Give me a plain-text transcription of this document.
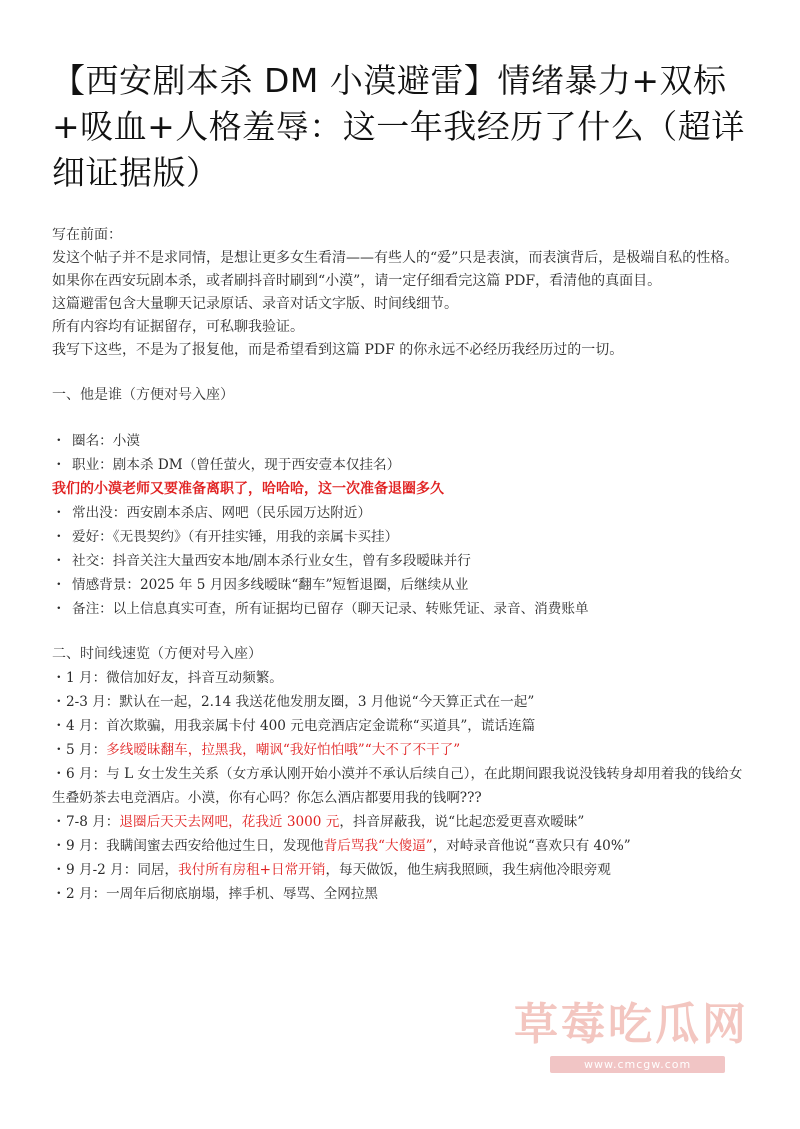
【西安剧本杀 DM 小漠避雷】情绪暴力+双标+吸血+人格羞辱：这一年我经历了什么（超详细证据版）

写在前面：

发这个帖子并不是求同情，是想让更多女生看清——有些人的“爱”只是表演，而表演背后，是极端自私的性格。

如果你在西安玩剧本杀，或者刷抖音时刷到“小漠”，请一定仔细看完这篇 PDF，看清他的真面目。

这篇避雷包含大量聊天记录原话、录音对话文字版、时间线细节。

所有内容均有证据留存，可私聊我验证。

我写下这些，不是为了报复他，而是希望看到这篇 PDF 的你永远不必经历我经历过的一切。

一、他是谁（方便对号入座）

・ 圈名：小漠

・ 职业：剧本杀 DM（曾任萤火，现于西安壹本仅挂名）

我们的小漠老师又要准备离职了，哈哈哈，这一次准备退圈多久

・ 常出没：西安剧本杀店、网吧（民乐园万达附近）

・ 爱好：《无畏契约》（有开挂实锤，用我的亲属卡买挂）

・ 社交：抖音关注大量西安本地/剧本杀行业女生，曾有多段暧昧并行

・ 情感背景：2025 年 5 月因多线暧昧“翻车”短暂退圈，后继续从业

・ 备注：以上信息真实可查，所有证据均已留存（聊天记录、转账凭证、录音、消费账单

二、时间线速览（方便对号入座）

・1 月：微信加好友，抖音互动频繁。

・2-3 月：默认在一起，2.14 我送花他发朋友圈，3 月他说“今天算正式在一起”

・4 月：首次欺骗，用我亲属卡付 400 元电竞酒店定金谎称“买道具”，谎话连篇

・5 月：多线暧昧翻车，拉黑我，嘲讽“我好怕怕哦”“大不了不干了”

・6 月：与 L 女士发生关系（女方承认刚开始小漠并不承认后续自己），在此期间跟我说没钱转身却用着我的钱给女生叠奶茶去电竞酒店。小漠，你有心吗？你怎么酒店都要用我的钱啊???

・7-8 月：退圈后天天去网吧，花我近 3000 元，抖音屏蔽我，说“比起恋爱更喜欢暧昧”

・9 月：我瞒闺蜜去西安给他过生日，发现他背后骂我“大傻逼”，对峙录音他说“喜欢只有 40%”

・9 月-2 月：同居，我付所有房租+日常开销，每天做饭，他生病我照顾，我生病他冷眼旁观

・2 月：一周年后彻底崩塌，摔手机、辱骂、全网拉黑

草莓吃瓜网
www.cmcgw.com
